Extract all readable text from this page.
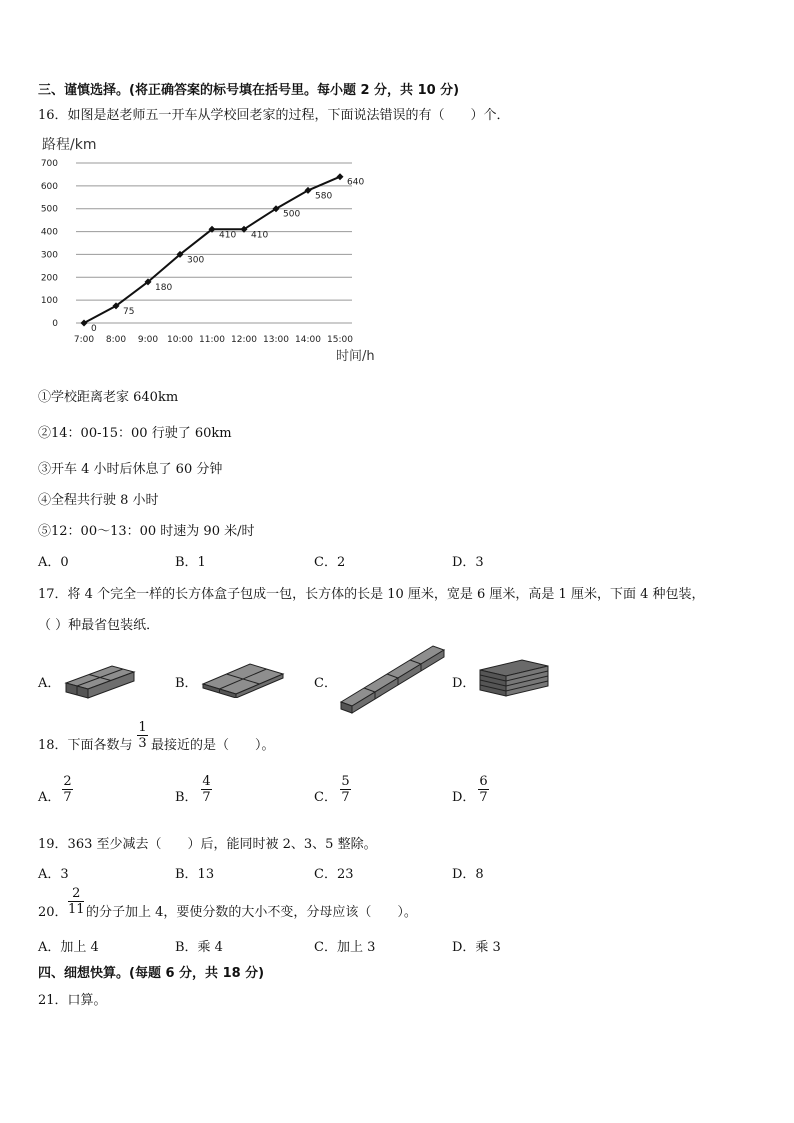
三、谨慎选择。(将正确答案的标号填在括号里。每小题 2 分，共 10 分)
16．如图是赵老师五一开车从学校回老家的过程，下面说法错误的有（　　）个．
路程/km
0
100
200
300
400
500
600
700
7:00 8:00 9:00 10:00 11:00 12:00 13:00 14:00 15:00
0
75
180
300
410 410
500
580
640
时间/h
①学校距离老家 640km
②14：00-15：00 行驶了 60km
③开车 4 小时后休息了 60 分钟
④全程共行驶 8 小时
⑤12：00～13：00 时速为 90 米/时
A．0	B．1	C．2	D．3
17．将 4 个完全一样的长方体盒子包成一包，长方体的长是 10 厘米，宽是 6 厘米，高是 1 厘米，下面 4 种包装，
（ ）种最省包装纸．
A．	B．	C．	D．
18．下面各数与
1
3 最接近的是（　　）。
A．
2
7	B．
4
7	C．
5
7	D．
6
7
19．363 至少减去（　　）后，能同时被 2、3、5 整除。
A．3	B．13	C．23	D．8
20．
2
11 的分子加上 4，要使分数的大小不变，分母应该（　　）。
A．加上 4	B．乘 4	C．加上 3	D．乘 3
四、细想快算。(每题 6 分，共 18 分)
21．口算。
